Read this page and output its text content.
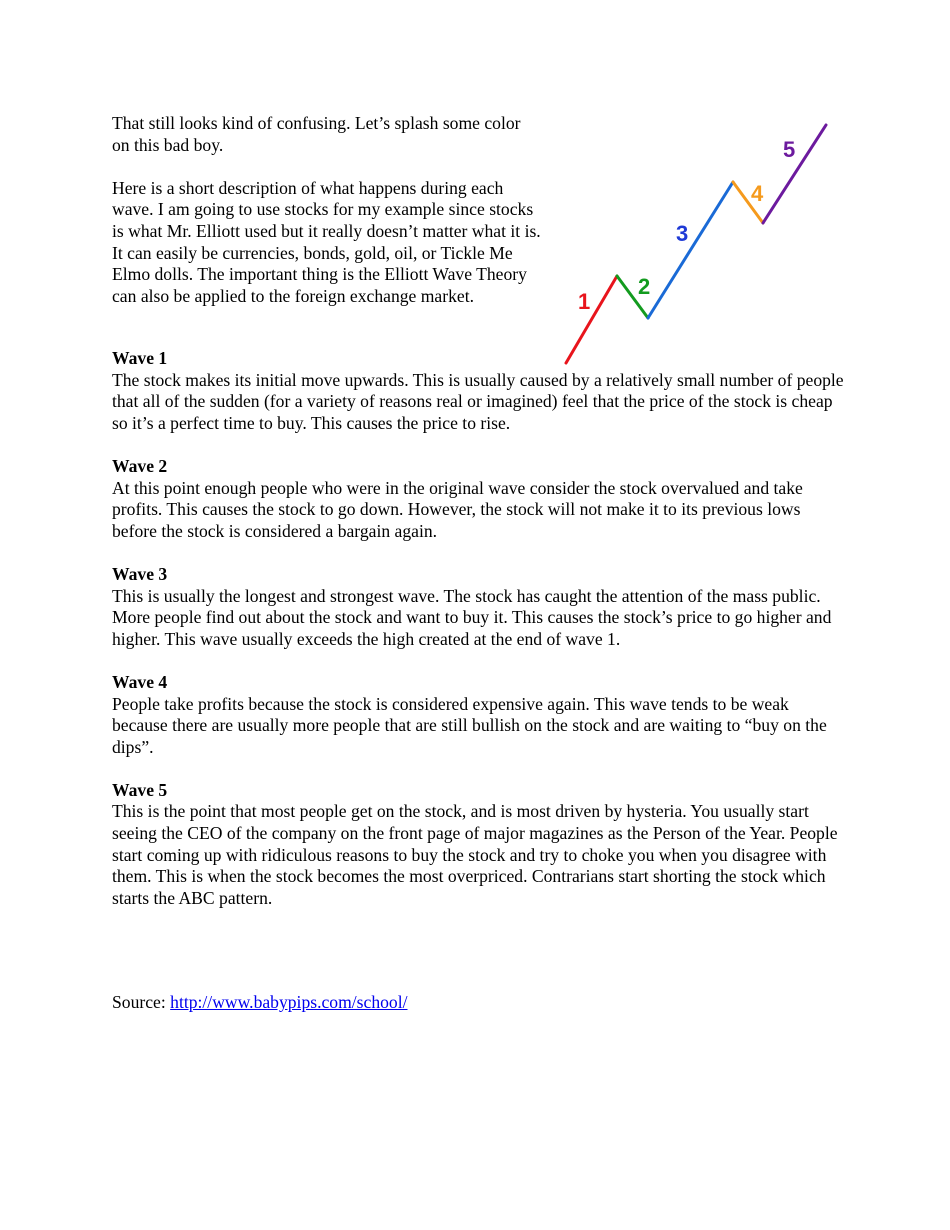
That still looks kind of confusing. Let’s splash some color on this bad boy.

Here is a short description of what happens during each wave. I am going to use stocks for my example since stocks is what Mr. Elliott used but it really doesn’t matter what it is. It can easily be currencies, bonds, gold, oil, or Tickle Me Elmo dolls. The important thing is the Elliott Wave Theory can also be applied to the foreign exchange market.	1
2
3
4
5
Wave 1

The stock makes its initial move upwards. This is usually caused by a relatively small number of people that all of the sudden (for a variety of reasons real or imagined) feel that the price of the stock is cheap so it’s a perfect time to buy. This causes the price to rise.

Wave 2

At this point enough people who were in the original wave consider the stock overvalued and take profits. This causes the stock to go down. However, the stock will not make it to its previous lows before the stock is considered a bargain again.

Wave 3

This is usually the longest and strongest wave. The stock has caught the attention of the mass public. More people find out about the stock and want to buy it. This causes the stock’s price to go higher and higher. This wave usually exceeds the high created at the end of wave 1.

Wave 4

People take profits because the stock is considered expensive again. This wave tends to be weak because there are usually more people that are still bullish on the stock and are waiting to “buy on the dips”.

Wave 5

This is the point that most people get on the stock, and is most driven by hysteria. You usually start seeing the CEO of the company on the front page of major magazines as the Person of the Year. People start coming up with ridiculous reasons to buy the stock and try to choke you when you disagree with them. This is when the stock becomes the most overpriced. Contrarians start shorting the stock which starts the ABC pattern.

Source: http://www.babypips.com/school/
